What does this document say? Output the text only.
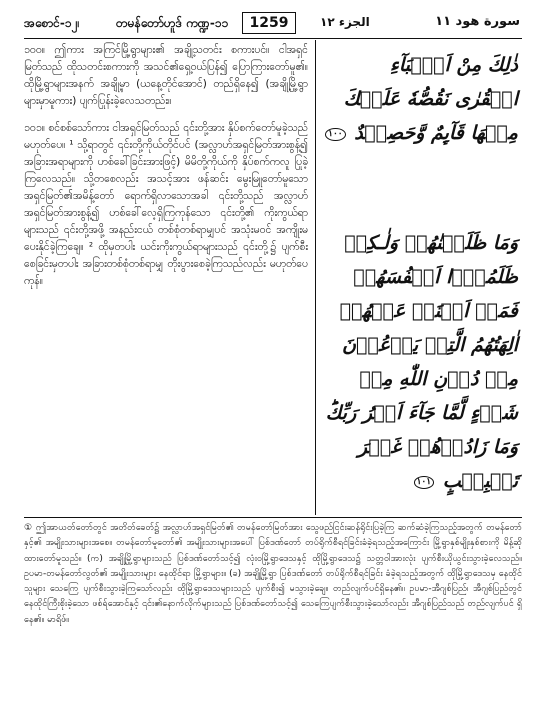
အစောင်-၁၂၊	တမန်တော်ဟူဒ် ကဏ္ဍ-၁၁	1259	الجزء ١٢	سورة هود ١١

၁၀၀။ ဤကား အကြင်မြို့ရွာများ၏ အချို့သတင်း စကားပင်။ ငါအရှင်မြတ်သည် ထိုသတင်းစကားကို အသင်၏ရှေ့ဝယ်ပြန်၍ ပြောကြားတော်မူ၏။ ထိုမြို့ရွာများအနက် အချို့မှာ (ယနေ့တိုင်အောင်) တည်ရှိနေ၍ (အချို့မြို့ရွာများမှာမူကား) ပျက်ပြုန်းခဲ့လေသတည်း။

၁၀၁။ စင်စစ်သော်ကား ငါအရှင်မြတ်သည် ၎င်းတို့အား နှိပ်စက်တော်မူခဲ့သည် မဟုတ်ပေ။ ¹ သို့ရာတွင် ၎င်းတို့ကိုယ်တိုင်ပင် (အလ္လာဟ်အရှင်မြတ်အားစွန့်၍ အခြားအရာများကို ဟစ်ခေါ်ခြင်းအားဖြင့်) မိမိတို့ကိုယ်ကို နှိပ်စက်ကလူ ပြုခဲ့ကြလေသည်။ သို့တစေလည်း အသင့်အား ဖန်ဆင်း မွေးမြူတော်မူသော အရှင်မြတ်၏အမိန့်တော် ရောက်ရှိလာသောအခါ ၎င်းတို့သည် အလ္လာဟ်အရှင်မြတ်အားစွန့်၍ ဟစ်ခေါ်လေ့ရှိကြကုန်သော ၎င်းတို့၏ ကိုးကွယ်ရာများသည် ၎င်းတို့အဖို့ အနည်းငယ် တစ်စုံတစ်ရာမျှပင် အသုံးမဝင် အကျိုးမပေးနိုင်ခဲ့ကြချေ။ ² ထိုမှတပါး ယင်းကိုးကွယ်ရာများသည် ၎င်းတို့၌ ပျက်စီးစေခြင်းမှတပါး အခြားတစ်စုံတစ်ရာမျှ တိုးပွားစေခဲ့ကြသည်လည်း မဟုတ်ပေကုန်။

ذٰلِكَ مِنْ اَنۡۢبَآءِ الۡقُرٰى نَقُصُّهٗ عَلَيۡكَ مِنۡهَا قَآٮِٕمٌ وَّحَصِيۡدٌ ١٠٠
وَمَا ظَلَمۡنٰهُمۡ وَلٰـكِنۡ ظَلَمُوۡۤا اَنۡفُسَهُمۡ فَمَاۤ اَغۡنَتۡ عَنۡهُمۡ اٰلِهَتُهُمُ الَّتِىۡ يَدۡعُوۡنَ مِنۡ دُوۡنِ اللّٰهِ مِنۡ شَىۡءٍ لَّمَّا جَآءَ اَمۡرُ رَبِّكَ‌ؕ وَمَا زَادُوۡهُمۡ غَيۡرَ تَتۡبِيۡبٍ ١٠١
① ဤအာယတ်တော်တွင် အတိတ်ခေတ်၌ အလ္လာဟ်အရှင်မြတ်၏ တမန်တော်မြတ်အား သွေဖည်ငြင်းဆန်ရိုင်းပြခဲ့ကြ ဆက်ဆံခဲ့ကြသည့်အတွက် တမန်တော်နှင့်၏ အမျိုးသားများအစေ။ တမန်တော်မူတော်၏ အမျိုးသားများအပေါ် ပြစ်ဒဏ်တော် တပ်ရိုက်စီရင်ခြင်းခံခဲ့ရသည့်အကြောင်း မြို့ရွာနှစ်မျိုးနှစ်စားကို မိန့်ဆိုထားတော်မူသည်။ (က) အချို့မြို့ရွာများသည် ပြစ်ဒဏ်တော်သင့်၍ လုံးဝမြို့ရွာဒေသနှင့် ထိုမြို့ရွာဒေသ၌ သတ္တဝါအားလုံး ပျက်စီးယိုယွင်းသွားခဲ့လေသည်။ ဥပမာ-တမန်တော်လွတ်၏ အမျိုးသားများ နေထိုင်ရာ မြို့ရွာများ။ (ခ) အချို့မြို့ရွာ ပြစ်ဒဏ်တော် တပ်ရိုက်စီရင်ခြင်း ခံခဲ့ရသည့်အတွက် ထိုမြို့ရွာဒေသမှ နေထိုင်သူများ သေကြေ ပျက်စီးသွားခဲ့ကြသော်လည်း ထိုမြို့ရွာဒေသများသည် ပျက်စီး၍ မသွားခဲ့ချေ။ တည်လျက်ပင်ရှိနေ၏။ ဥပမာ-အီဂျစ်ပြည်၊ အီဂျစ်ပြည်တွင် နေထိုင်ကြီးစိုးခဲ့သော ဖစ်ရ်အောင်နှင့် ၎င်း၏နောက်လိုက်များသည် ပြစ်ဒဏ်တော်သင့်၍ သေကြေပျက်စီးသွားခဲ့သော်လည်း အီဂျစ်ပြည်သည် တည်လျက်ပင် ရှိနေ၏။ မာရိဖ်။
